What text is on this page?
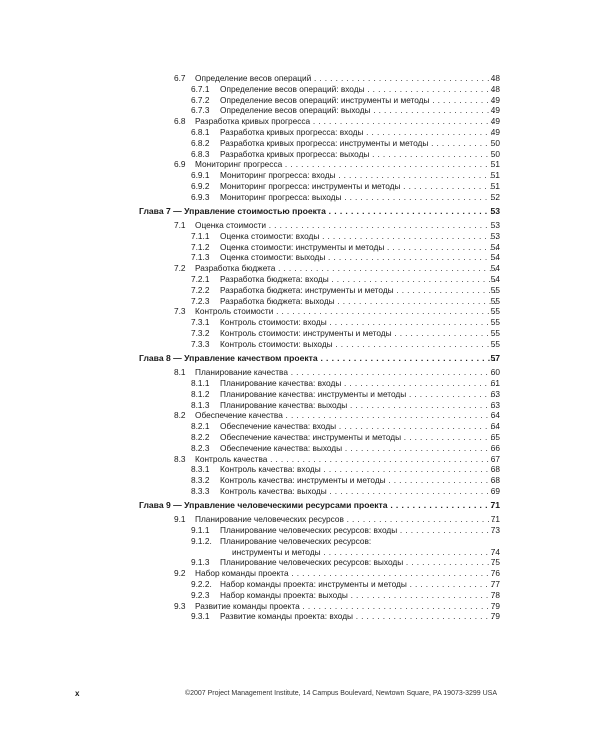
6.7 Определение весов операций . . .	48
6.7.1 Определение весов операций: входы . . .	48
6.7.2 Определение весов операций: инструменты и методы . . .	49
6.7.3 Определение весов операций: выходы . . .	49
6.8 Разработка кривых прогресса . . .	49
6.8.1 Разработка кривых прогресса: входы . . .	49
6.8.2 Разработка кривых прогресса: инструменты и методы . . .	50
6.8.3 Разработка кривых прогресса: выходы . . .	50
6.9 Мониторинг прогресса . . .	51
6.9.1 Мониторинг прогресса: входы . . .	51
6.9.2 Мониторинг прогресса: инструменты и методы . . .	51
6.9.3 Мониторинг прогресса: выходы . . .	52
Глава 7 — Управление стоимостью проекта . . .	53
7.1 Оценка стоимости . . .	53
7.1.1 Оценка стоимости: входы . . .	53
7.1.2 Оценка стоимости: инструменты и методы . . .	54
7.1.3 Оценка стоимости: выходы . . .	54
7.2 Разработка бюджета . . .	54
7.2.1 Разработка бюджета: входы . . .	54
7.2.2 Разработка бюджета: инструменты и методы . . .	55
7.2.3 Разработка бюджета: выходы . . .	55
7.3 Контроль стоимости . . .	55
7.3.1 Контроль стоимости: входы . . .	55
7.3.2 Контроль стоимости: инструменты и методы . . .	55
7.3.3 Контроль стоимости: выходы . . .	55
Глава 8 — Управление качеством проекта . . .	57
8.1 Планирование качества . . .	60
8.1.1 Планирование качества: входы . . .	61
8.1.2 Планирование качества: инструменты и методы . . .	63
8.1.3 Планирование качества: выходы . . .	63
8.2 Обеспечение качества . . .	64
8.2.1 Обеспечение качества: входы . . .	64
8.2.2 Обеспечение качества: инструменты и методы . . .	65
8.2.3 Обеспечение качества: выходы . . .	66
8.3 Контроль качества . . .	67
8.3.1 Контроль качества: входы . . .	68
8.3.2 Контроль качества: инструменты и методы . . .	68
8.3.3 Контроль качества: выходы . . .	69
Глава 9 — Управление человеческими ресурсами проекта . . .	71
9.1 Планирование человеческих ресурсов . . .	71
9.1.1 Планирование человеческих ресурсов: входы . . .	73
9.1.2. Планирование человеческих ресурсов:
инструменты и методы . . .	74
9.1.3 Планирование человеческих ресурсов: выходы . . .	75
9.2 Набор команды проекта . . .	76
9.2.2. Набор команды проекта: инструменты и методы . . .	77
9.2.3 Набор команды проекта: выходы . . .	78
9.3 Развитие команды проекта . . .	79
9.3.1 Развитие команды проекта: входы . . .	79
x	©2007 Project Management Institute, 14 Campus Boulevard, Newtown Square, PA 19073-3299 USA
